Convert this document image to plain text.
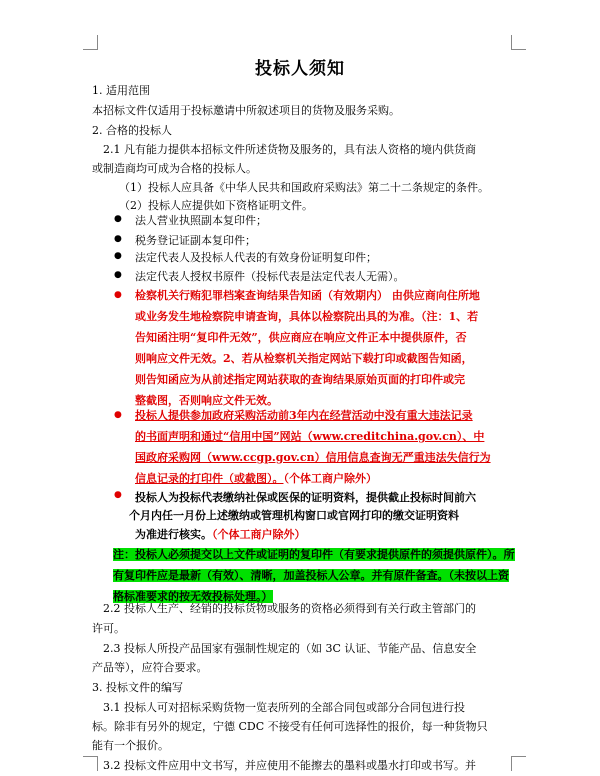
投标人须知
1. 适用范围
本招标文件仅适用于投标邀请中所叙述项目的货物及服务采购。
2. 合格的投标人
2.1 凡有能力提供本招标文件所述货物及服务的，具有法人资格的境内供货商
或制造商均可成为合格的投标人。
（1）投标人应具备《中华人民共和国政府采购法》第二十二条规定的条件。
（2）投标人应提供如下资格证明文件。
● 法人营业执照副本复印件；
● 税务登记证副本复印件；
● 法定代表人及投标人代表的有效身份证明复印件；
● 法定代表人授权书原件（投标代表是法定代表人无需）。
● 检察机关行贿犯罪档案查询结果告知函（有效期内） 由供应商向住所地
或业务发生地检察院申请查询，具体以检察院出具的为准。（注：1、若
告知函注明“复印件无效”，供应商应在响应文件正本中提供原件，否
则响应文件无效。2、若从检察机关指定网站下载打印或截图告知函，
则告知函应为从前述指定网站获取的查询结果原始页面的打印件或完
整截图，否则响应文件无效。
● 投标人提供参加政府采购活动前3年内在经营活动中没有重大违法记录
的书面声明和通过“信用中国”网站（www.creditchina.gov.cn）、中
国政府采购网（www.ccgp.gov.cn）信用信息查询无严重违法失信行为
信息记录的打印件（或截图）。（个体工商户除外）
● 投标人为投标代表缴纳社保或医保的证明资料，提供截止投标时间前六
个月内任一月份上述缴纳或管理机构窗口或官网打印的缴交证明资料
为准进行核实。（个体工商户除外）
注：投标人必须提交以上文件或证明的复印件（有要求提供原件的须提供原件）。所有复印件应是最新（有效）、清晰，加盖投标人公章。并有原件备查。（未按以上资格标准要求的按无效投标处理。）
2.2 投标人生产、经销的投标货物或服务的资格必须得到有关行政主管部门的
许可。
2.3 投标人所投产品国家有强制性规定的（如 3C 认证、节能产品、信息安全
产品等），应符合要求。
3. 投标文件的编写
3.1 投标人可对招标采购货物一览表所列的全部合同包或部分合同包进行投
标。除非有另外的规定，宁德 CDC 不接受有任何可选择性的报价，每一种货物只
能有一个报价。
3.2 投标文件应用中文书写，并应使用不能擦去的墨料或墨水打印或书写。并
